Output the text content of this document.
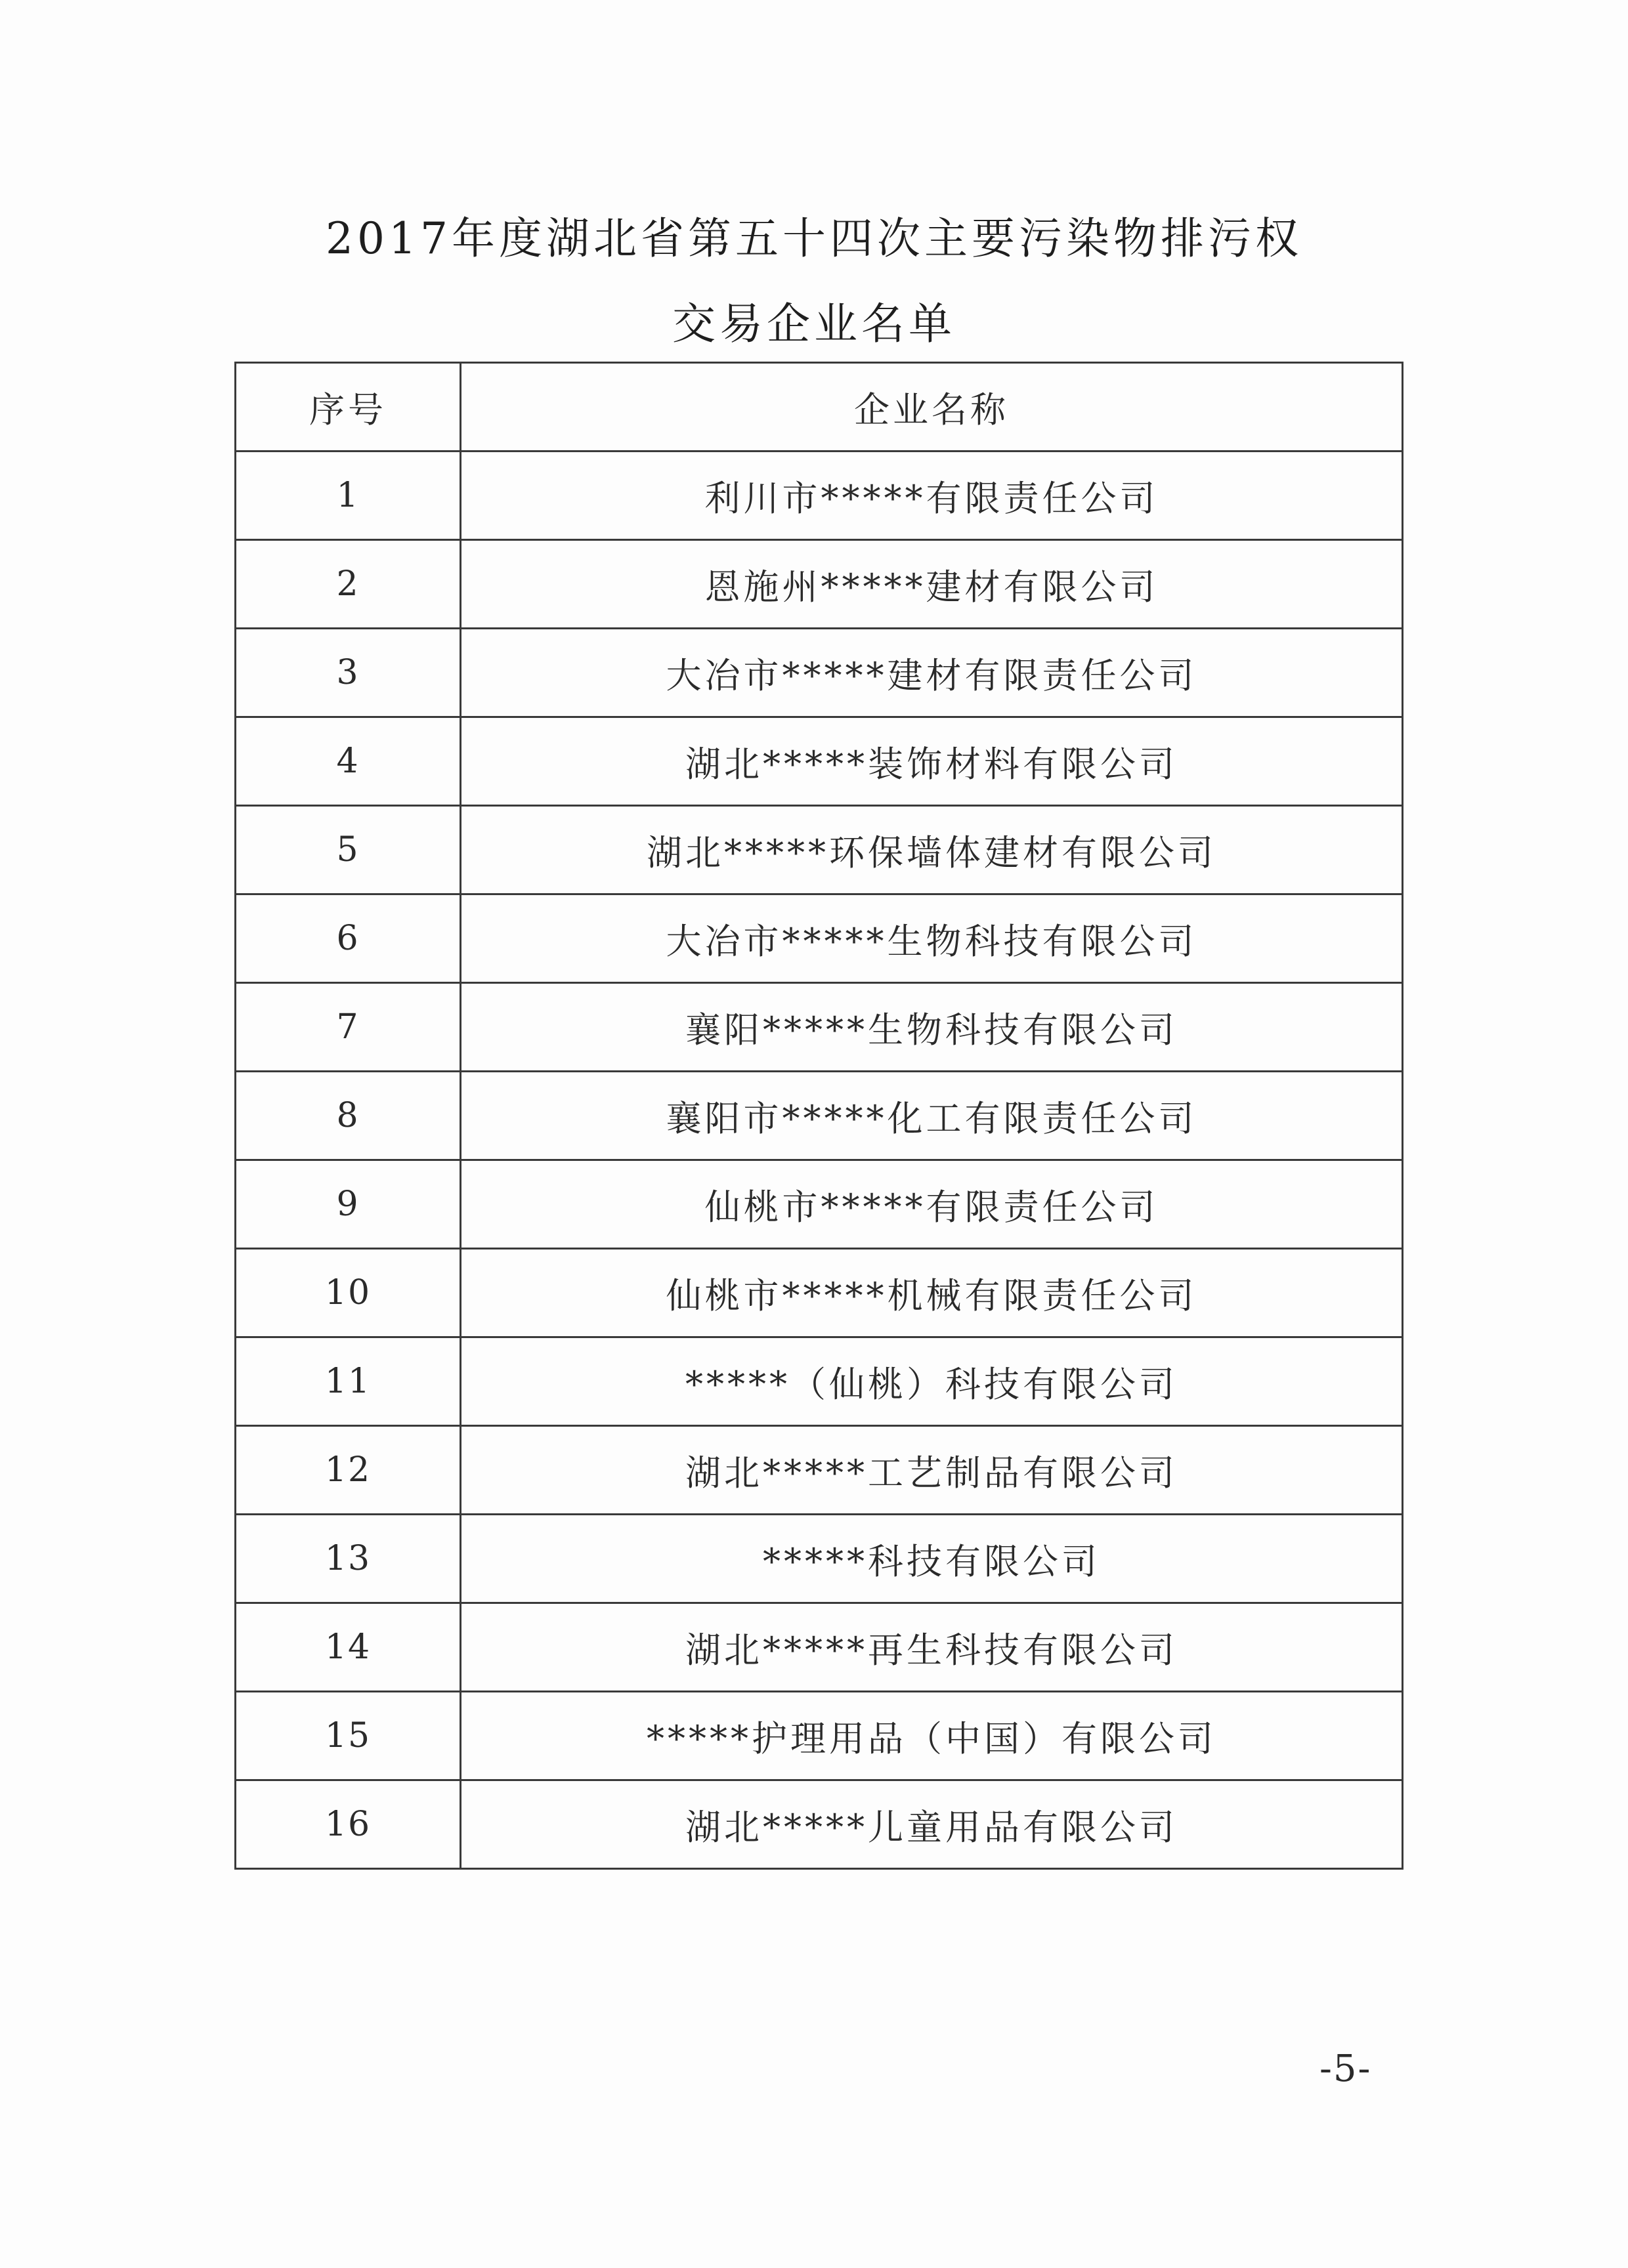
2017年度湖北省第五十四次主要污染物排污权
交易企业名单
序号	企业名称
1	利川市*****有限责任公司
2	恩施州*****建材有限公司
3	大冶市*****建材有限责任公司
4	湖北*****装饰材料有限公司
5	湖北*****环保墙体建材有限公司
6	大冶市*****生物科技有限公司
7	襄阳*****生物科技有限公司
8	襄阳市*****化工有限责任公司
9	仙桃市*****有限责任公司
10	仙桃市*****机械有限责任公司
11	*****（仙桃）科技有限公司
12	湖北*****工艺制品有限公司
13	*****科技有限公司
14	湖北*****再生科技有限公司
15	*****护理用品（中国）有限公司
16	湖北*****儿童用品有限公司
-5-
